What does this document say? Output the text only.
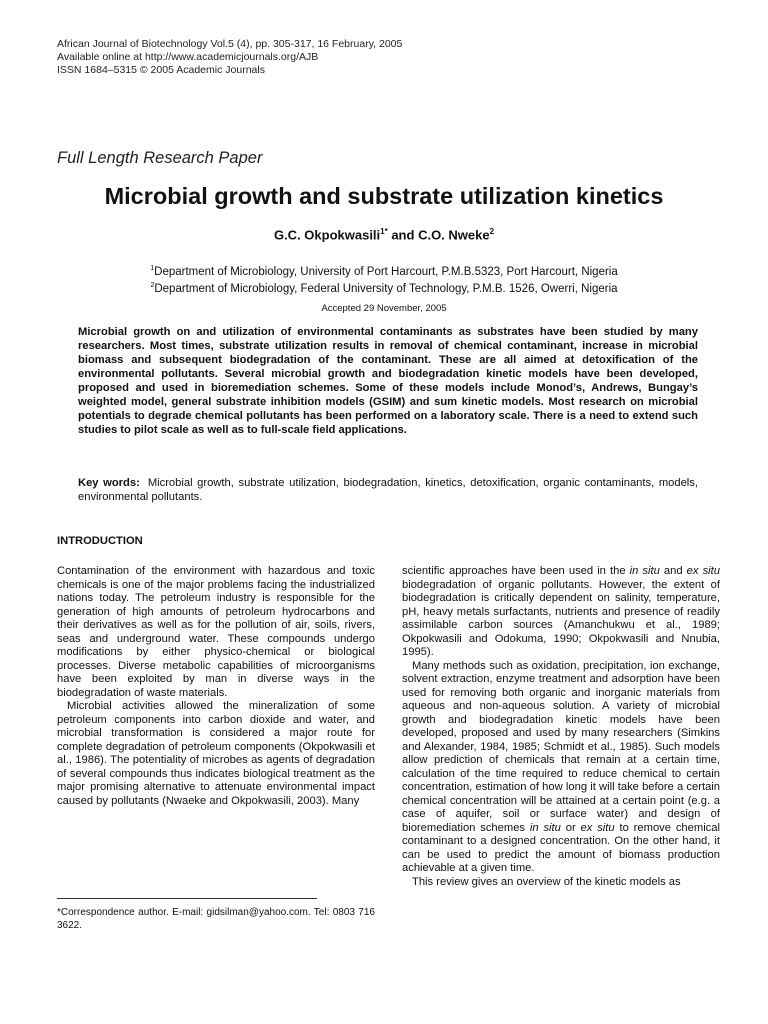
African Journal of Biotechnology Vol.5 (4), pp. 305-317, 16 February, 2005
Available online at http://www.academicjournals.org/AJB
ISSN 1684–5315 © 2005 Academic Journals
Full Length Research Paper
Microbial growth and substrate utilization kinetics
G.C. Okpokwasili$^{1*}$ and C.O. Nweke$^2$
$^1$Department of Microbiology, University of Port Harcourt, P.M.B.5323, Port Harcourt, Nigeria
$^2$Department of Microbiology, Federal University of Technology, P.M.B. 1526, Owerri, Nigeria
Accepted 29 November, 2005
Microbial growth on and utilization of environmental contaminants as substrates have been studied by many researchers. Most times, substrate utilization results in removal of chemical contaminant, increase in microbial biomass and subsequent biodegradation of the contaminant. These are all aimed at detoxification of the environmental pollutants. Several microbial growth and biodegradation kinetic models have been developed, proposed and used in bioremediation schemes. Some of these models include Monod’s, Andrews, Bungay’s weighted model, general substrate inhibition models (GSIM) and sum kinetic models. Most research on microbial potentials to degrade chemical pollutants has been performed on a laboratory scale. There is a need to extend such studies to pilot scale as well as to full-scale field applications.
Key words: Microbial growth, substrate utilization, biodegradation, kinetics, detoxification, organic contaminants, models, environmental pollutants.
INTRODUCTION

Contamination of the environment with hazardous and toxic chemicals is one of the major problems facing the industrialized nations today. The petroleum industry is responsible for the generation of high amounts of petroleum hydrocarbons and their derivatives as well as for the pollution of air, soils, rivers, seas and underground water. These compounds undergo modifications by either physico-chemical or biological processes. Diverse metabolic capabilities of microorganisms have been exploited by man in diverse ways in the biodegradation of waste materials.

Microbial activities allowed the mineralization of some petroleum components into carbon dioxide and water, and microbial transformation is considered a major route for complete degradation of petroleum components (Okpokwasili et al., 1986). The potentiality of microbes as agents of degradation of several compounds thus indicates biological treatment as the major promising alternative to attenuate environmental impact caused by pollutants (Nwaeke and Okpokwasili, 2003). Many

scientific approaches have been used in the in situ and ex situ biodegradation of organic pollutants. However, the extent of biodegradation is critically dependent on salinity, temperature, pH, heavy metals surfactants, nutrients and presence of readily assimilable carbon sources (Amanchukwu et al., 1989; Okpokwasili and Odokuma, 1990; Okpokwasili and Nnubia, 1995).

Many methods such as oxidation, precipitation, ion exchange, solvent extraction, enzyme treatment and adsorption have been used for removing both organic and inorganic materials from aqueous and non-aqueous solution. A variety of microbial growth and biodegradation kinetic models have been developed, proposed and used by many researchers (Simkins and Alexander, 1984, 1985; Schmidt et al., 1985). Such models allow prediction of chemicals that remain at a certain time, calculation of the time required to reduce chemical to certain concentration, estimation of how long it will take before a certain chemical concentration will be attained at a certain point (e.g. a case of aquifer, soil or surface water) and design of bioremediation schemes in situ or ex situ to remove chemical contaminant to a designed concentration. On the other hand, it can be used to predict the amount of biomass production achievable at a given time.

This review gives an overview of the kinetic models as

*Correspondence author. E-mail: gidsilman@yahoo.com. Tel: 0803 716 3622.
